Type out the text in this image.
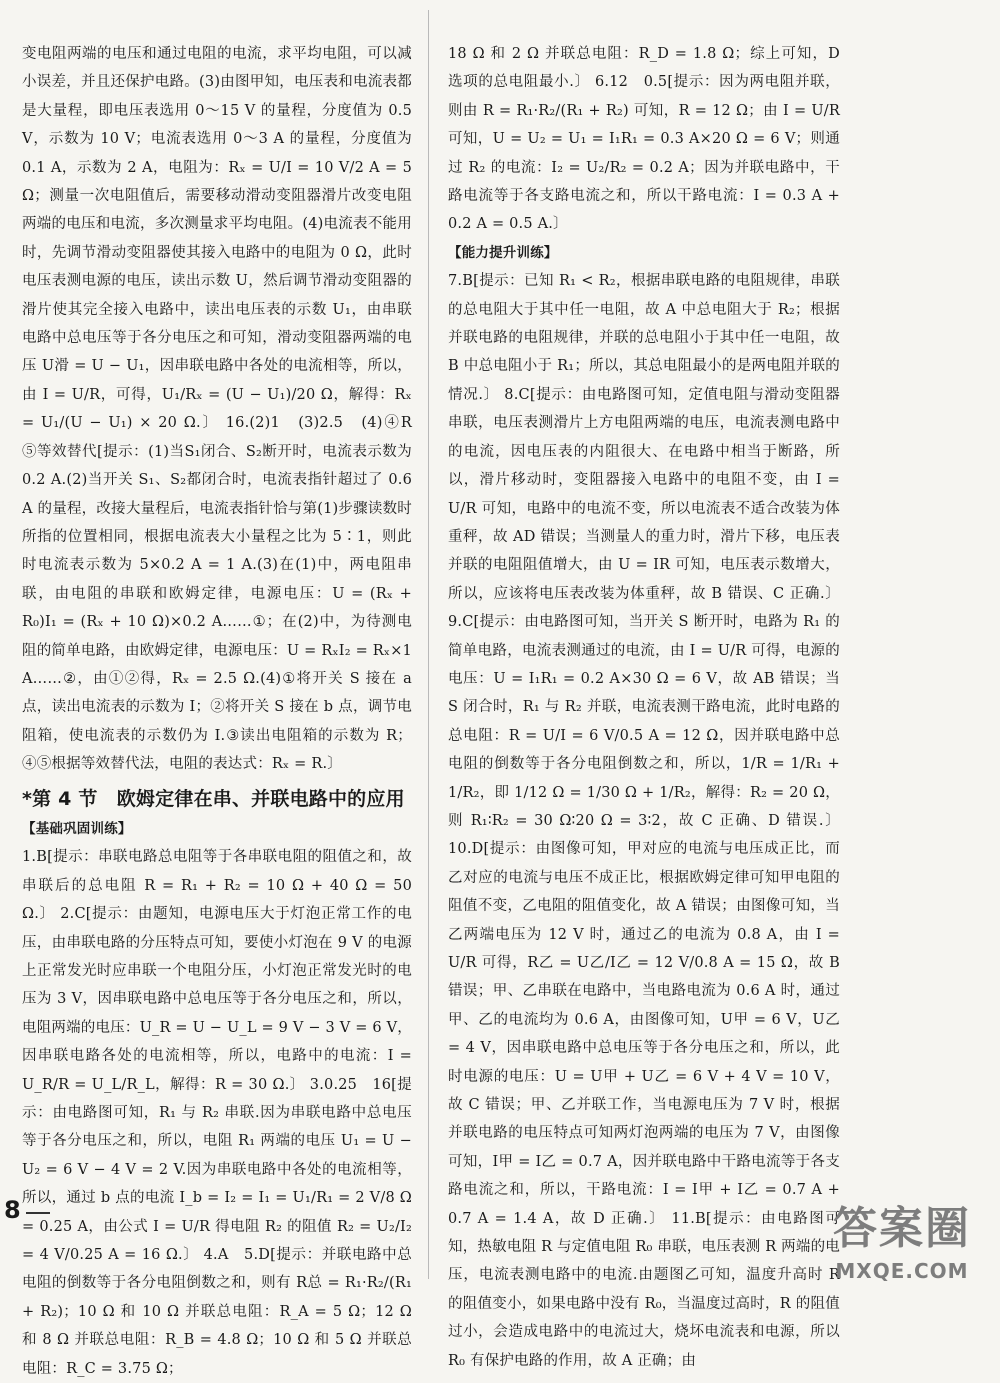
变电阻两端的电压和通过电阻的电流，求平均电阻，可以减小误差，并且还保护电路。(3)由图甲知，电压表和电流表都是大量程，即电压表选用 0～15 V 的量程，分度值为 0.5 V，示数为 10 V；电流表选用 0～3 A 的量程，分度值为 0.1 A，示数为 2 A，电阻为：Rₓ = U/I = 10 V/2 A = 5 Ω；测量一次电阻值后，需要移动滑动变阻器滑片改变电阻两端的电压和电流，多次测量求平均电阻。(4)电流表不能用时，先调节滑动变阻器使其接入电路中的电阻为 0 Ω，此时电压表测电源的电压，读出示数 U，然后调节滑动变阻器的滑片使其完全接入电路中，读出电压表的示数 U₁，由串联电路中总电压等于各分电压之和可知，滑动变阻器两端的电压 U滑 = U − U₁，因串联电路中各处的电流相等，所以，由 I = U/R，可得，U₁/Rₓ = (U − U₁)/20 Ω，解得：Rₓ = U₁/(U − U₁) × 20 Ω.〕 16.(2)1　(3)2.5　(4)④R　⑤等效替代[提示：(1)当S₁闭合、S₂断开时，电流表示数为 0.2 A.(2)当开关 S₁、S₂都闭合时，电流表指针超过了 0.6 A 的量程，改接大量程后，电流表指针恰与第(1)步骤读数时所指的位置相同，根据电流表大小量程之比为 5∶1，则此时电流表示数为 5×0.2 A = 1 A.(3)在(1)中，两电阻串联，由电阻的串联和欧姆定律，电源电压：U = (Rₓ + R₀)I₁ = (Rₓ + 10 Ω)×0.2 A……①；在(2)中，为待测电阻的简单电路，由欧姆定律，电源电压：U = RₓI₂ = Rₓ×1 A……②，由①②得，Rₓ = 2.5 Ω.(4)①将开关 S 接在 a 点，读出电流表的示数为 I；②将开关 S 接在 b 点，调节电阻箱，使电流表的示数仍为 I.③读出电阻箱的示数为 R；④⑤根据等效替代法，电阻的表达式：Rₓ = R.〕

*第 4 节　欧姆定律在串、并联电路中的应用
【基础巩固训练】

1.B[提示：串联电路总电阻等于各串联电阻的阻值之和，故串联后的总电阻 R = R₁ + R₂ = 10 Ω + 40 Ω = 50 Ω.〕 2.C[提示：由题知，电源电压大于灯泡正常工作的电压，由串联电路的分压特点可知，要使小灯泡在 9 V 的电源上正常发光时应串联一个电阻分压，小灯泡正常发光时的电压为 3 V，因串联电路中总电压等于各分电压之和，所以，电阻两端的电压：U_R = U − U_L = 9 V − 3 V = 6 V，因串联电路各处的电流相等，所以，电路中的电流：I = U_R/R = U_L/R_L，解得：R = 30 Ω.〕 3.0.25　16[提示：由电路图可知，R₁ 与 R₂ 串联.因为串联电路中总电压等于各分电压之和，所以，电阻 R₁ 两端的电压 U₁ = U − U₂ = 6 V − 4 V = 2 V.因为串联电路中各处的电流相等，所以，通过 b 点的电流 I_b = I₂ = I₁ = U₁/R₁ = 2 V/8 Ω = 0.25 A，由公式 I = U/R 得电阻 R₂ 的阻值 R₂ = U₂/I₂ = 4 V/0.25 A = 16 Ω.〕 4.A　5.D[提示：并联电路中总电阻的倒数等于各分电阻倒数之和，则有 R总 = R₁·R₂/(R₁ + R₂)；10 Ω 和 10 Ω 并联总电阻：R_A = 5 Ω；12 Ω 和 8 Ω 并联总电阻：R_B = 4.8 Ω；10 Ω 和 5 Ω 并联总电阻：R_C = 3.75 Ω；

18 Ω 和 2 Ω 并联总电阻：R_D = 1.8 Ω；综上可知，D 选项的总电阻最小.〕 6.12　0.5[提示：因为两电阻并联，则由 R = R₁·R₂/(R₁ + R₂) 可知，R = 12 Ω；由 I = U/R 可知，U = U₂ = U₁ = I₁R₁ = 0.3 A×20 Ω = 6 V；则通过 R₂ 的电流：I₂ = U₂/R₂ = 0.2 A；因为并联电路中，干路电流等于各支路电流之和，所以干路电流：I = 0.3 A + 0.2 A = 0.5 A.〕

【能力提升训练】

7.B[提示：已知 R₁ < R₂，根据串联电路的电阻规律，串联的总电阻大于其中任一电阻，故 A 中总电阻大于 R₂；根据并联电路的电阻规律，并联的总电阻小于其中任一电阻，故 B 中总电阻小于 R₁；所以，其总电阻最小的是两电阻并联的情况.〕 8.C[提示：由电路图可知，定值电阻与滑动变阻器串联，电压表测滑片上方电阻两端的电压，电流表测电路中的电流，因电压表的内阻很大、在电路中相当于断路，所以，滑片移动时，变阻器接入电路中的电阻不变，由 I = U/R 可知，电路中的电流不变，所以电流表不适合改装为体重秤，故 AD 错误；当测量人的重力时，滑片下移，电压表并联的电阻阻值增大，由 U = IR 可知，电压表示数增大，所以，应该将电压表改装为体重秤，故 B 错误、C 正确.〕 9.C[提示：由电路图可知，当开关 S 断开时，电路为 R₁ 的简单电路，电流表测通过的电流，由 I = U/R 可得，电源的电压：U = I₁R₁ = 0.2 A×30 Ω = 6 V，故 AB 错误；当 S 闭合时，R₁ 与 R₂ 并联，电流表测干路电流，此时电路的总电阻：R = U/I = 6 V/0.5 A = 12 Ω，因并联电路中总电阻的倒数等于各分电阻倒数之和，所以，1/R = 1/R₁ + 1/R₂，即 1/12 Ω = 1/30 Ω + 1/R₂，解得：R₂ = 20 Ω，则 R₁∶R₂ = 30 Ω∶20 Ω = 3∶2，故 C 正确、D 错误.〕 10.D[提示：由图像可知，甲对应的电流与电压成正比，而乙对应的电流与电压不成正比，根据欧姆定律可知甲电阻的阻值不变，乙电阻的阻值变化，故 A 错误；由图像可知，当乙两端电压为 12 V 时，通过乙的电流为 0.8 A，由 I = U/R 可得，R乙 = U乙/I乙 = 12 V/0.8 A = 15 Ω，故 B 错误；甲、乙串联在电路中，当电路电流为 0.6 A 时，通过甲、乙的电流均为 0.6 A，由图像可知，U甲 = 6 V，U乙 = 4 V，因串联电路中总电压等于各分电压之和，所以，此时电源的电压：U = U甲 + U乙 = 6 V + 4 V = 10 V，故 C 错误；甲、乙并联工作，当电源电压为 7 V 时，根据并联电路的电压特点可知两灯泡两端的电压为 7 V，由图像可知，I甲 = I乙 = 0.7 A，因并联电路中干路电流等于各支路电流之和，所以，干路电流：I = I甲 + I乙 = 0.7 A + 0.7 A = 1.4 A，故 D 正确.〕 11.B[提示：由电路图可知，热敏电阻 R 与定值电阻 R₀ 串联，电压表测 R 两端的电压，电流表测电路中的电流.由题图乙可知，温度升高时 R 的阻值变小，如果电路中没有 R₀，当温度过高时，R 的阻值过小，会造成电路中的电流过大，烧坏电流表和电源，所以 R₀ 有保护电路的作用，故 A 正确；由

8	答案圈
MXQE.COM
